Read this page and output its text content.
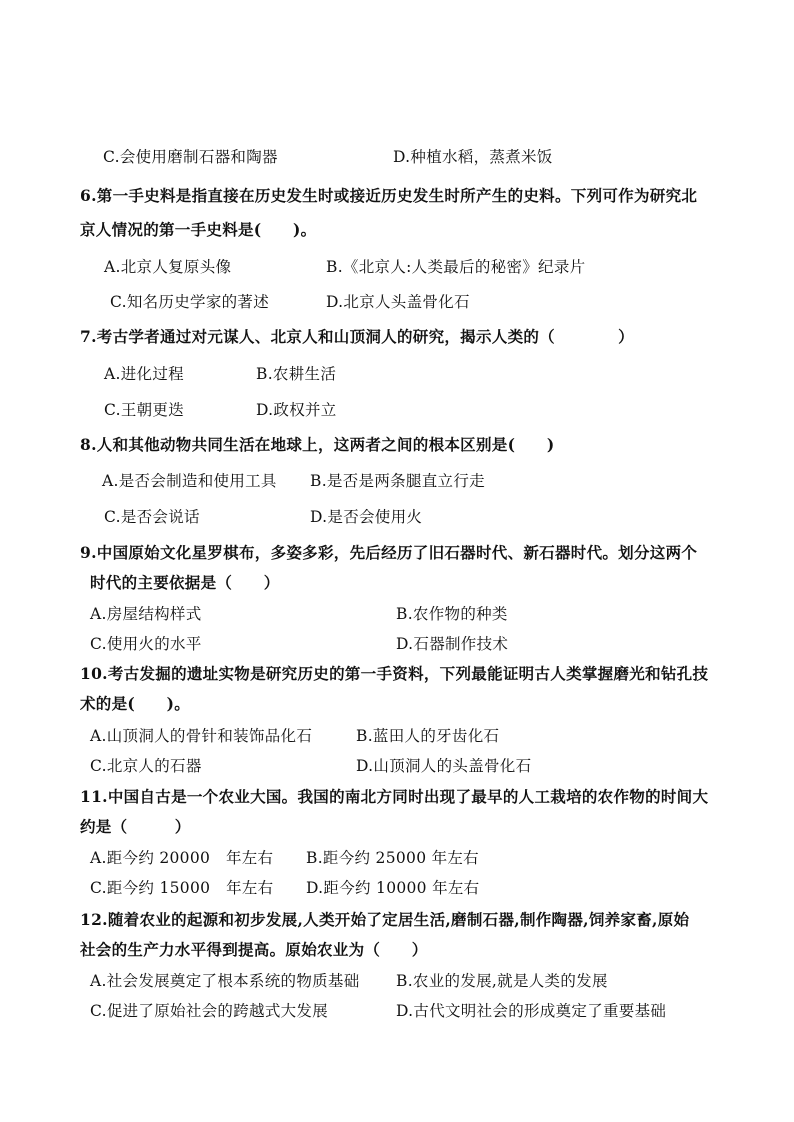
C.会使用磨制石器和陶器	D.种植水稻，蒸煮米饭
6.第一手史料是指直接在历史发生时或接近历史发生时所产生的史料。下列可作为研究北
京人情况的第一手史料是(　　)。
A.北京人复原头像	B.《北京人:人类最后的秘密》纪录片
C.知名历史学家的著述	D.北京人头盖骨化石
7.考古学者通过对元谋人、北京人和山顶洞人的研究，揭示人类的（　　　　）
A.进化过程	B.农耕生活
C.王朝更迭	D.政权并立
8.人和其他动物共同生活在地球上，这两者之间的根本区别是(　　)
A.是否会制造和使用工具 B.是否是两条腿直立行走
C.是否会说话	D.是否会使用火
9.中国原始文化星罗棋布，多姿多彩，先后经历了旧石器时代、新石器时代。划分这两个
时代的主要依据是（　　）
A.房屋结构样式	B.农作物的种类
C.使用火的水平	D.石器制作技术
10.考古发掘的遗址实物是研究历史的第一手资料，下列最能证明古人类掌握磨光和钻孔技
术的是(　　)。
A.山顶洞人的骨针和装饰品化石	B.蓝田人的牙齿化石
C.北京人的石器	D.山顶洞人的头盖骨化石
11.中国自古是一个农业大国。我国的南北方同时出现了最早的人工栽培的农作物的时间大
约是（　　　）
A.距今约 20000　年左右 B.距今约 25000 年左右
C.距今约 15000　年左右 D.距今约 10000 年左右
12.随着农业的起源和初步发展,人类开始了定居生活,磨制石器,制作陶器,饲养家畜,原始
社会的生产力水平得到提高。原始农业为（　　）
A.社会发展奠定了根本系统的物质基础 B.农业的发展,就是人类的发展
C.促进了原始社会的跨越式大发展	D.古代文明社会的形成奠定了重要基础
